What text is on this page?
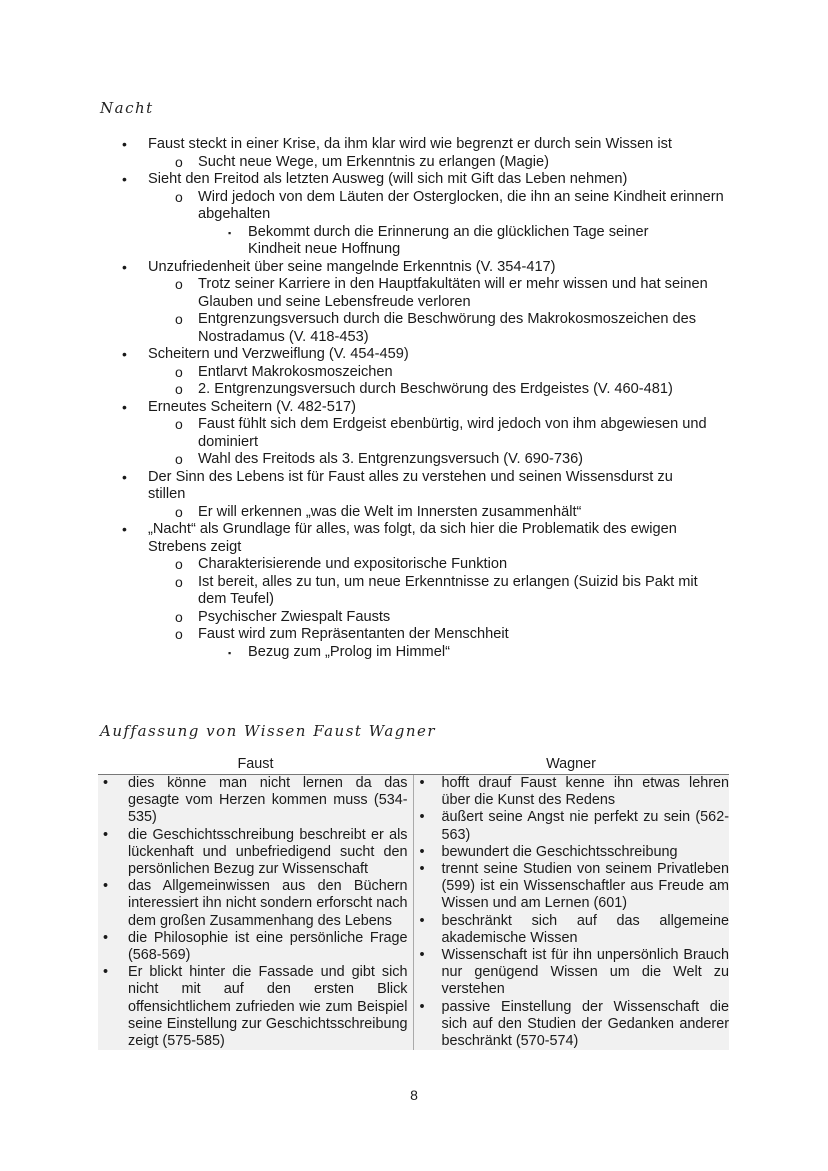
Nacht
• Faust steckt in einer Krise, da ihm klar wird wie begrenzt er durch sein Wissen ist
o Sucht neue Wege, um Erkenntnis zu erlangen (Magie)
• Sieht den Freitod als letzten Ausweg (will sich mit Gift das Leben nehmen)
o Wird jedoch von dem Läuten der Osterglocken, die ihn an seine Kindheit erinnern abgehalten
▪ Bekommt durch die Erinnerung an die glücklichen Tage seiner Kindheit neue Hoffnung
• Unzufriedenheit über seine mangelnde Erkenntnis (V. 354-417)
o Trotz seiner Karriere in den Hauptfakultäten will er mehr wissen und hat seinen Glauben und seine Lebensfreude verloren
o Entgrenzungsversuch durch die Beschwörung des Makrokosmoszeichen des Nostradamus (V. 418-453)
• Scheitern und Verzweiflung (V. 454-459)
o Entlarvt Makrokosmoszeichen
o 2. Entgrenzungsversuch durch Beschwörung des Erdgeistes (V. 460-481)
• Erneutes Scheitern (V. 482-517)
o Faust fühlt sich dem Erdgeist ebenbürtig, wird jedoch von ihm abgewiesen und dominiert
o Wahl des Freitods als 3. Entgrenzungsversuch (V. 690-736)
• Der Sinn des Lebens ist für Faust alles zu verstehen und seinen Wissensdurst zu stillen
o Er will erkennen „was die Welt im Innersten zusammenhält“
• „Nacht“ als Grundlage für alles, was folgt, da sich hier die Problematik des ewigen Strebens zeigt
o Charakterisierende und expositorische Funktion
o Ist bereit, alles zu tun, um neue Erkenntnisse zu erlangen (Suizid bis Pakt mit dem Teufel)
o Psychischer Zwiespalt Fausts
o Faust wird zum Repräsentanten der Menschheit
▪ Bezug zum „Prolog im Himmel“
Auffassung von Wissen Faust Wagner
Faust	Wagner
• dies könne man nicht lernen da das gesagte vom Herzen kommen muss (534-535)
• die Geschichtsschreibung beschreibt er als lückenhaft und unbefriedigend sucht den persönlichen Bezug zur Wissenschaft
• das Allgemeinwissen aus den Büchern interessiert ihn nicht sondern erforscht nach dem großen Zusammenhang des Lebens
• die Philosophie ist eine persönliche Frage (568-569)
• Er blickt hinter die Fassade und gibt sich nicht mit auf den ersten Blick offensichtlichem zufrieden wie zum Beispiel seine Einstellung zur Geschichtsschreibung zeigt (575-585)
• hofft drauf Faust kenne ihn etwas lehren über die Kunst des Redens
• äußert seine Angst nie perfekt zu sein (562-563)
• bewundert die Geschichtsschreibung
• trennt seine Studien von seinem Privatleben (599) ist ein Wissenschaftler aus Freude am Wissen und am Lernen (601)
• beschränkt sich auf das allgemeine akademische Wissen
• Wissenschaft ist für ihn unpersönlich Brauch nur genügend Wissen um die Welt zu verstehen
• passive Einstellung der Wissenschaft die sich auf den Studien der Gedanken anderer beschränkt (570-574)
8
